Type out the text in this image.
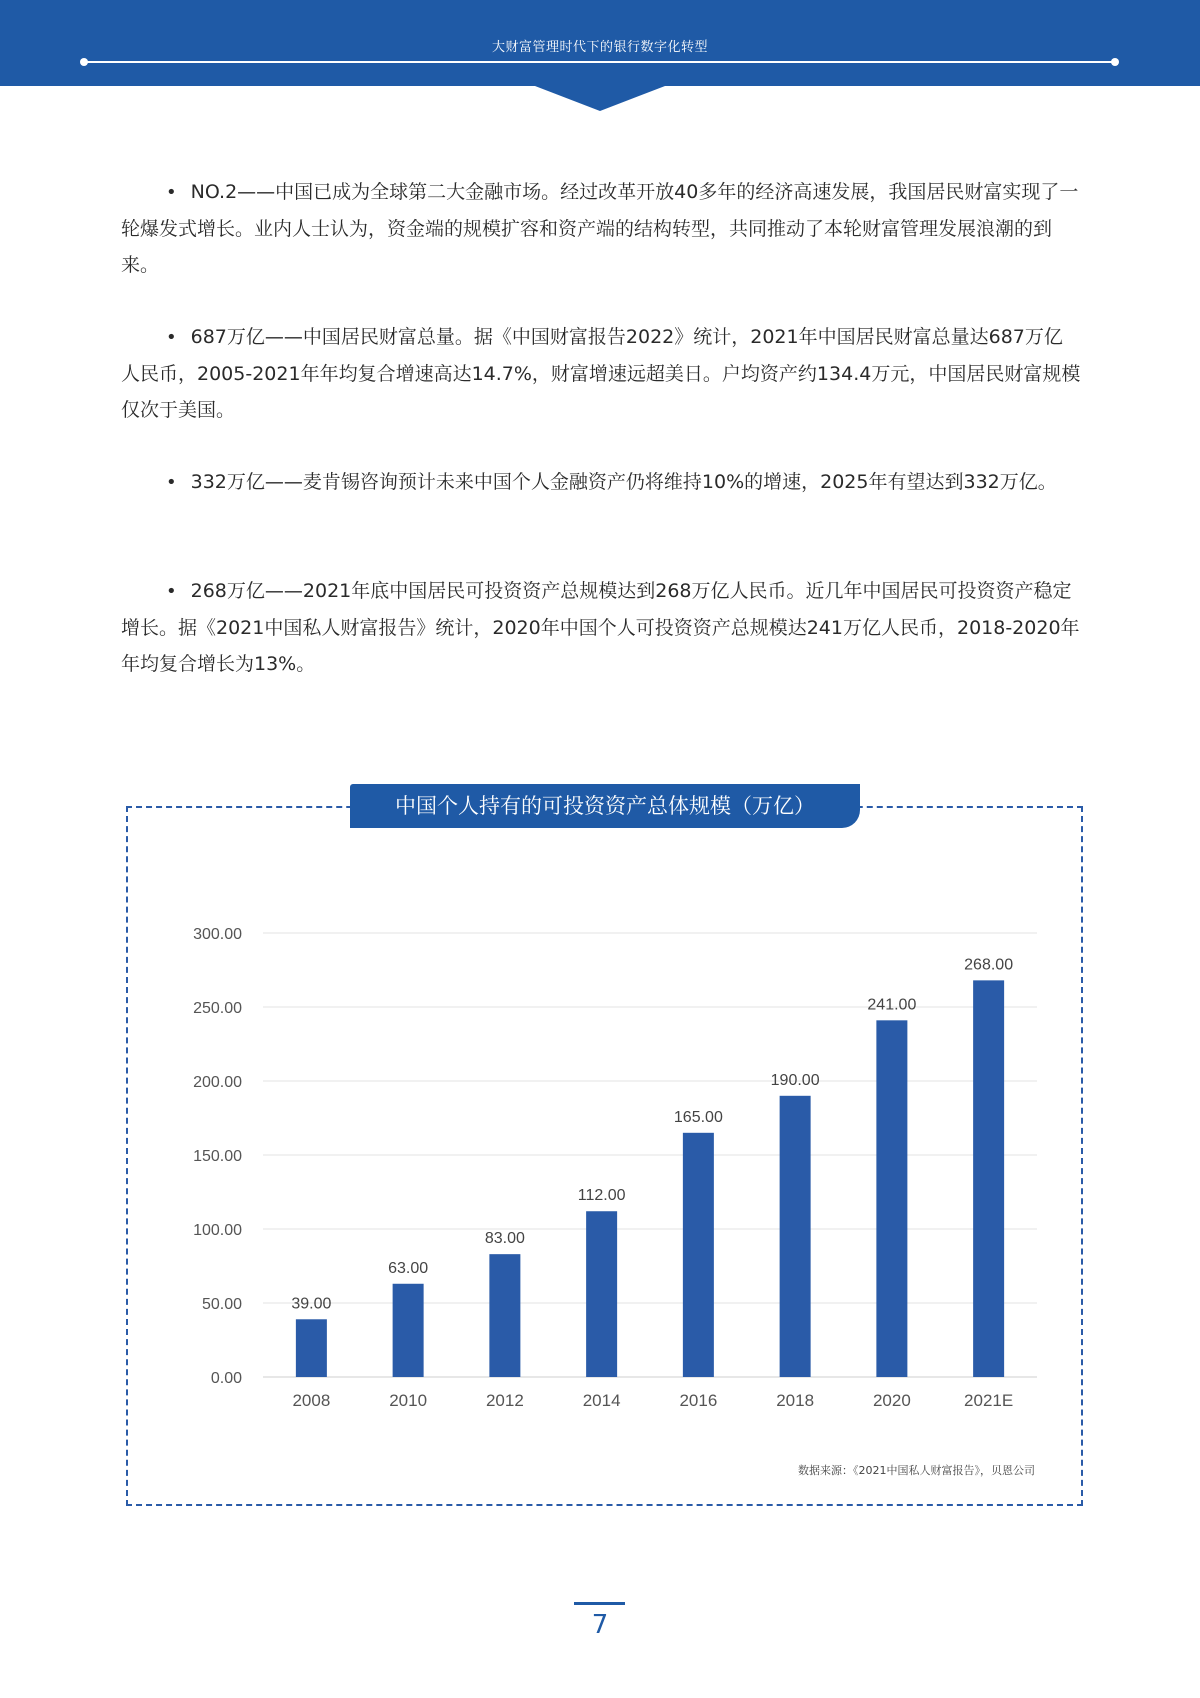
大财富管理时代下的银行数字化转型

• NO.2——中国已成为全球第二大金融市场。经过改革开放40多年的经济高速发展，我国居民财富实现了一轮爆发式增长。业内人士认为，资金端的规模扩容和资产端的结构转型，共同推动了本轮财富管理发展浪潮的到来。

• 687万亿——中国居民财富总量。据《中国财富报告2022》统计，2021年中国居民财富总量达687万亿人民币，2005-2021年年均复合增速高达14.7%，财富增速远超美日。户均资产约134.4万元，中国居民财富规模仅次于美国。

• 332万亿——麦肯锡咨询预计未来中国个人金融资产仍将维持10%的增速，2025年有望达到332万亿。

• 268万亿——2021年底中国居民可投资资产总规模达到268万亿人民币。近几年中国居民可投资资产稳定增长。据《2021中国私人财富报告》统计，2020年中国个人可投资资产总规模达241万亿人民币，2018-2020年年均复合增长为13%。

中国个人持有的可投资资产总体规模（万亿）
0.00
50.00
100.00
150.00
200.00
250.00
300.00
39.00
2008
63.00
2010
83.00
2012
112.00
2014
165.00
2016
190.00
2018
241.00
2020
268.00
2021E
数据来源：《2021中国私人财富报告》，贝恩公司
7
